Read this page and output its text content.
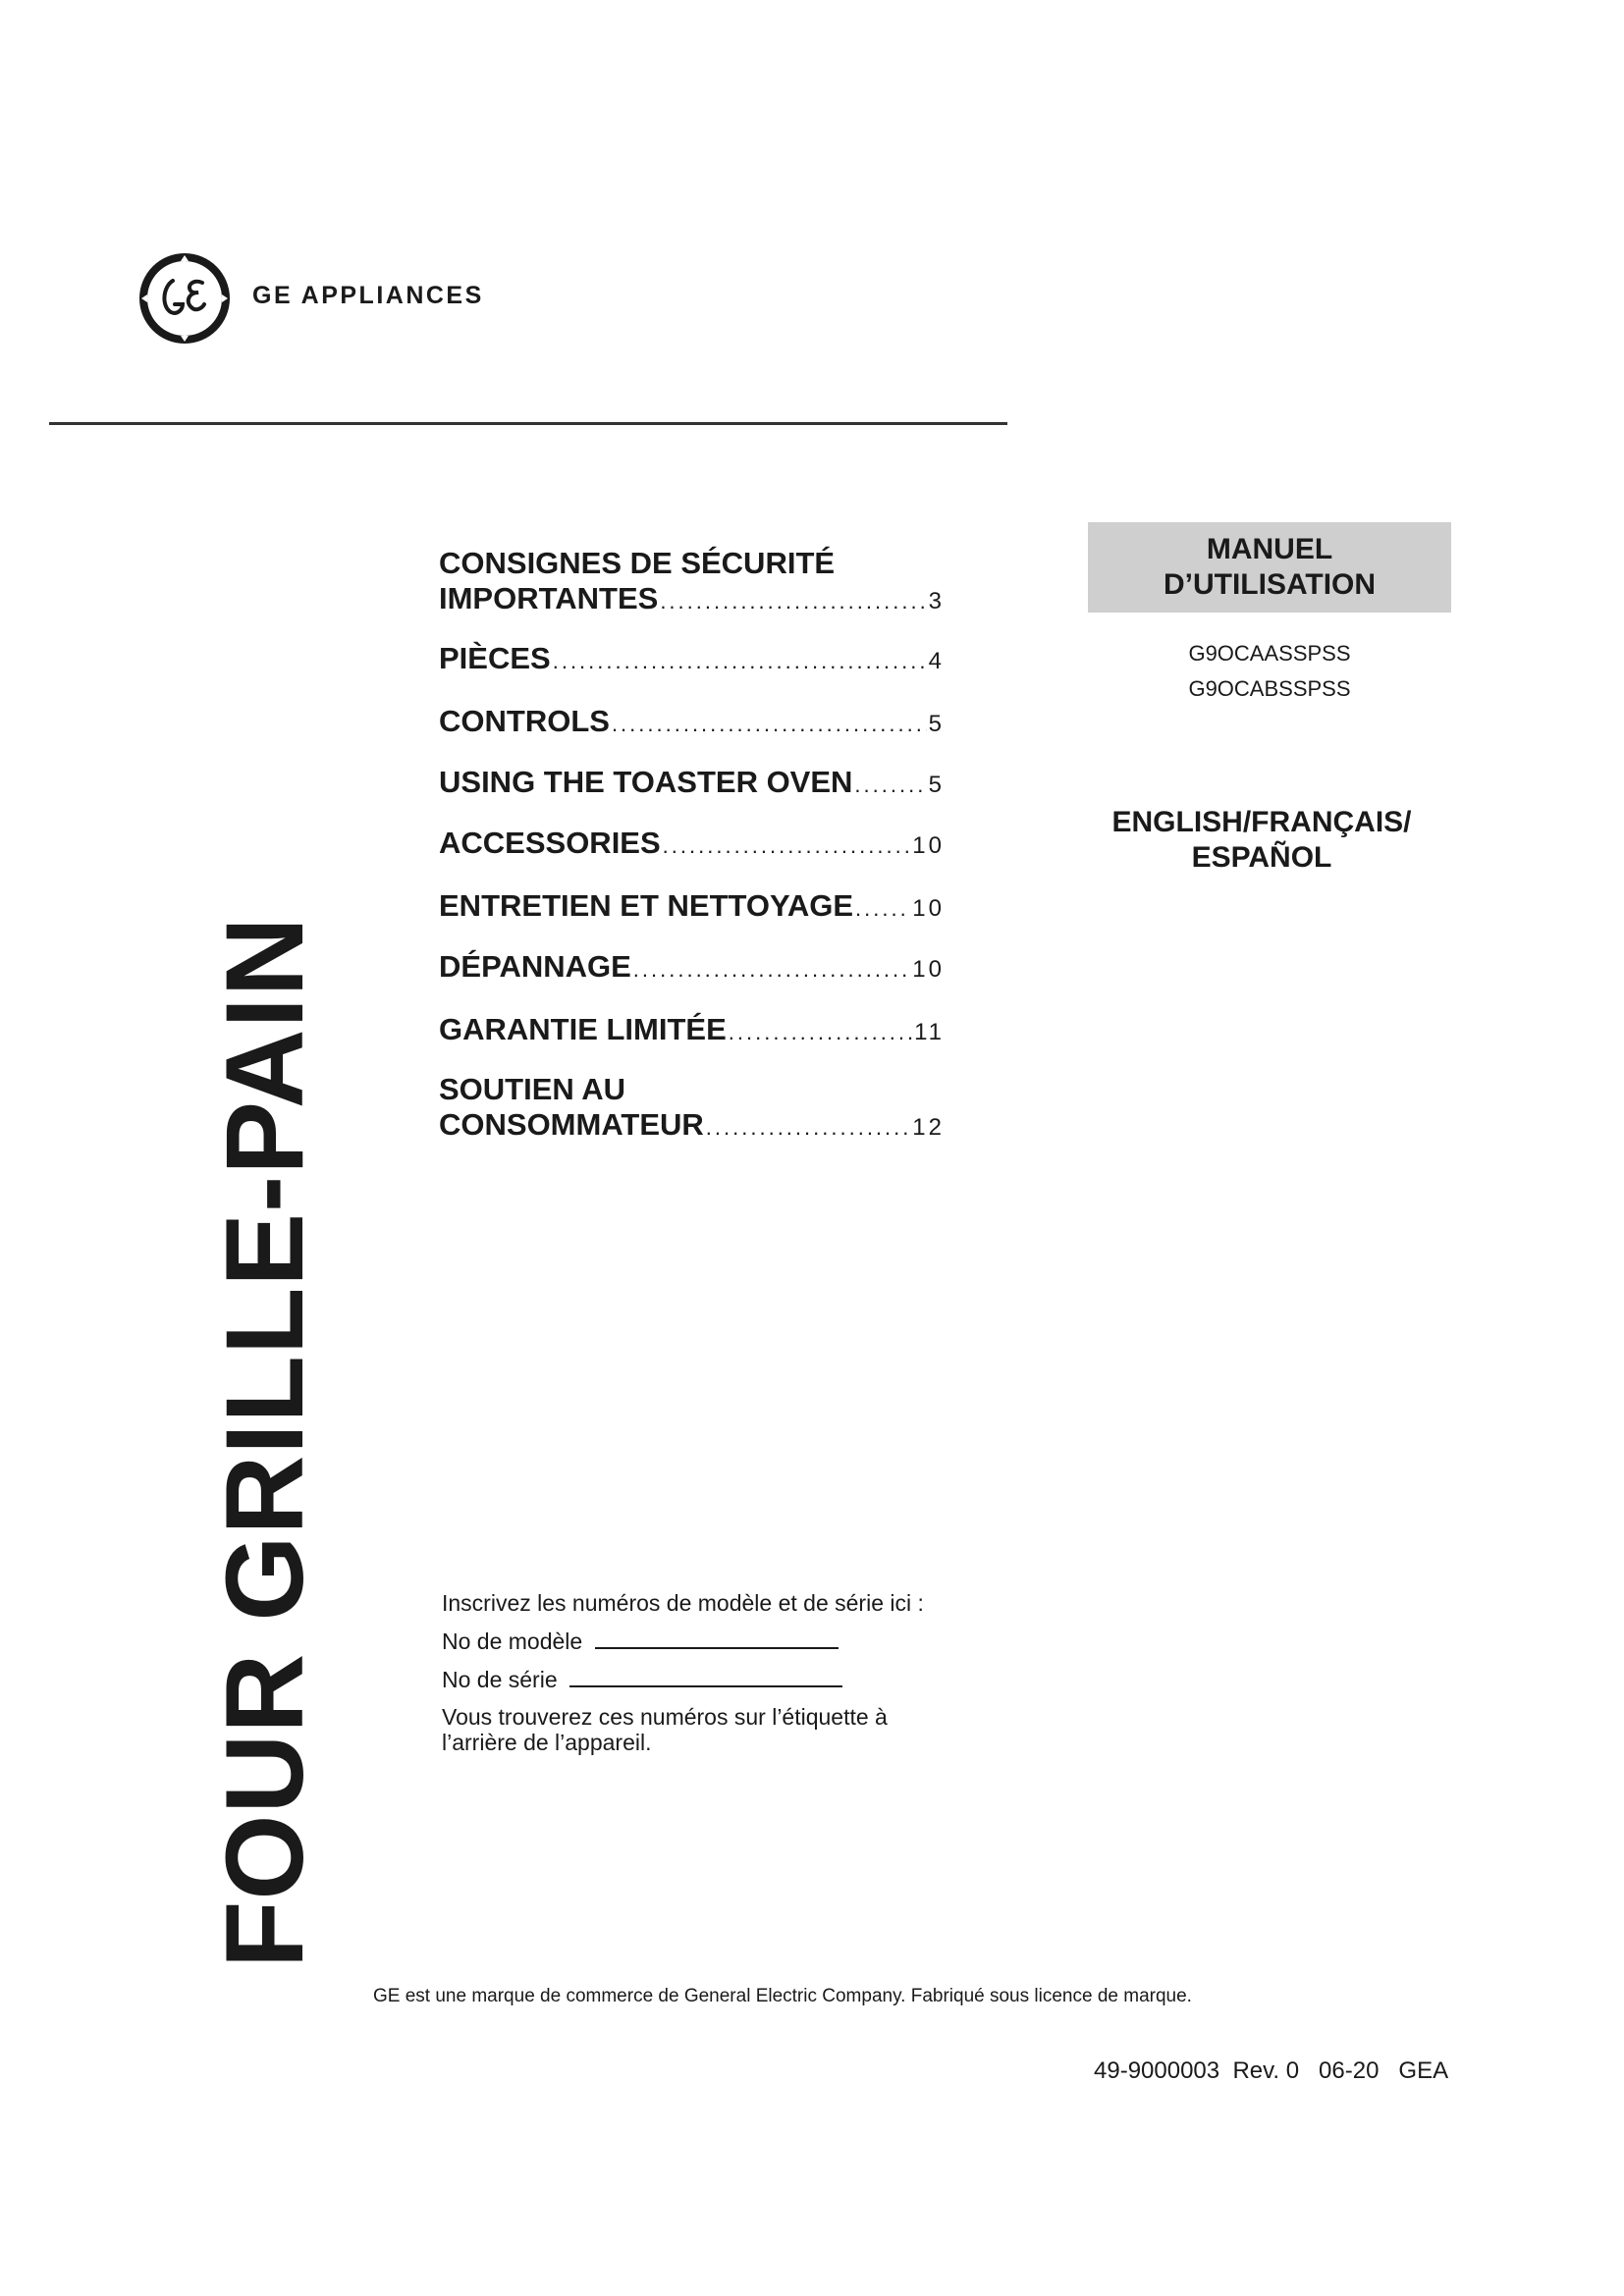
GE APPLIANCES
FOUR GRILLE-PAIN
CONSIGNES DE SÉCURITÉ
IMPORTANTES .....	3
PIÈCES .....	4
CONTROLS .....	5
USING THE TOASTER OVEN .....	5
ACCESSORIES .....	10
ENTRETIEN ET NETTOYAGE .....	10
DÉPANNAGE .....	10
GARANTIE LIMITÉE .....	11
SOUTIEN AU
CONSOMMATEUR .....	12
MANUEL
D’UTILISATION
G9OCAASSPSS
G9OCABSSPSS
ENGLISH/FRANÇAIS/
ESPAÑOL
Inscrivez les numéros de modèle et de série ici :
No de modèle
No de série
Vous trouverez ces numéros sur l’étiquette à l’arrière de l’appareil.
GE est une marque de commerce de General Electric Company. Fabriqué sous licence de marque.
49-9000003  Rev. 0   06-20   GEA
